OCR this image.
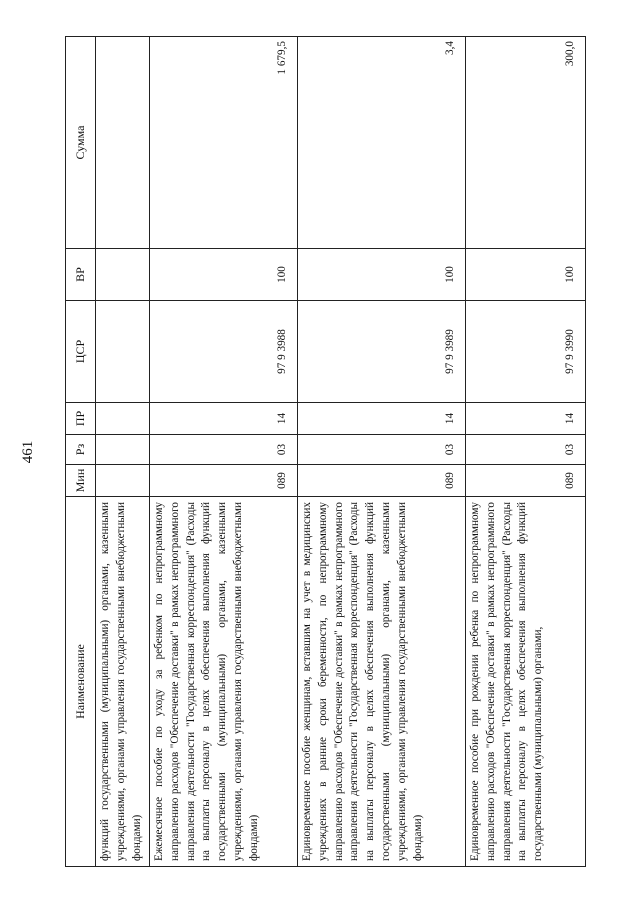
461
Наименование	Мин	Рз	ПР	ЦСР	ВР	Сумма

функций государственными (муниципальными) органами, казенными учреждениями, органами управления государственными внебюджетными фондами)						

Ежемесячное пособие по уходу за ребенком по непрограммному направлению расходов "Обеспечение доставки" в рамках непрограммного направления деятельности "Государственная корреспонденция" (Расходы на выплаты персоналу в целях обеспечения выполнения функций государственными (муниципальными) органами, казенными учреждениями, органами управления государственными внебюджетными фондами)	089	03	14	97 9 3988	100	1 679,5

Единовременное пособие женщинам, вставшим на учет в медицинских учреждениях в ранние сроки беременности, по непрограммному направлению расходов "Обеспечение доставки" в рамках непрограммного направления деятельности "Государственная корреспонденция" (Расходы на выплаты персоналу в целях обеспечения выполнения функций государственными (муниципальными) органами, казенными учреждениями, органами управления государственными внебюджетными фондами)	089	03	14	97 9 3989	100	3,4

Единовременное пособие при рождении ребенка по непрограммному направлению расходов "Обеспечение доставки" в рамках непрограммного направления деятельности "Государственная корреспонденция" (Расходы на выплаты персоналу в целях обеспечения выполнения функций государственными (муниципальными) органами,	089	03	14	97 9 3990	100	300,0
